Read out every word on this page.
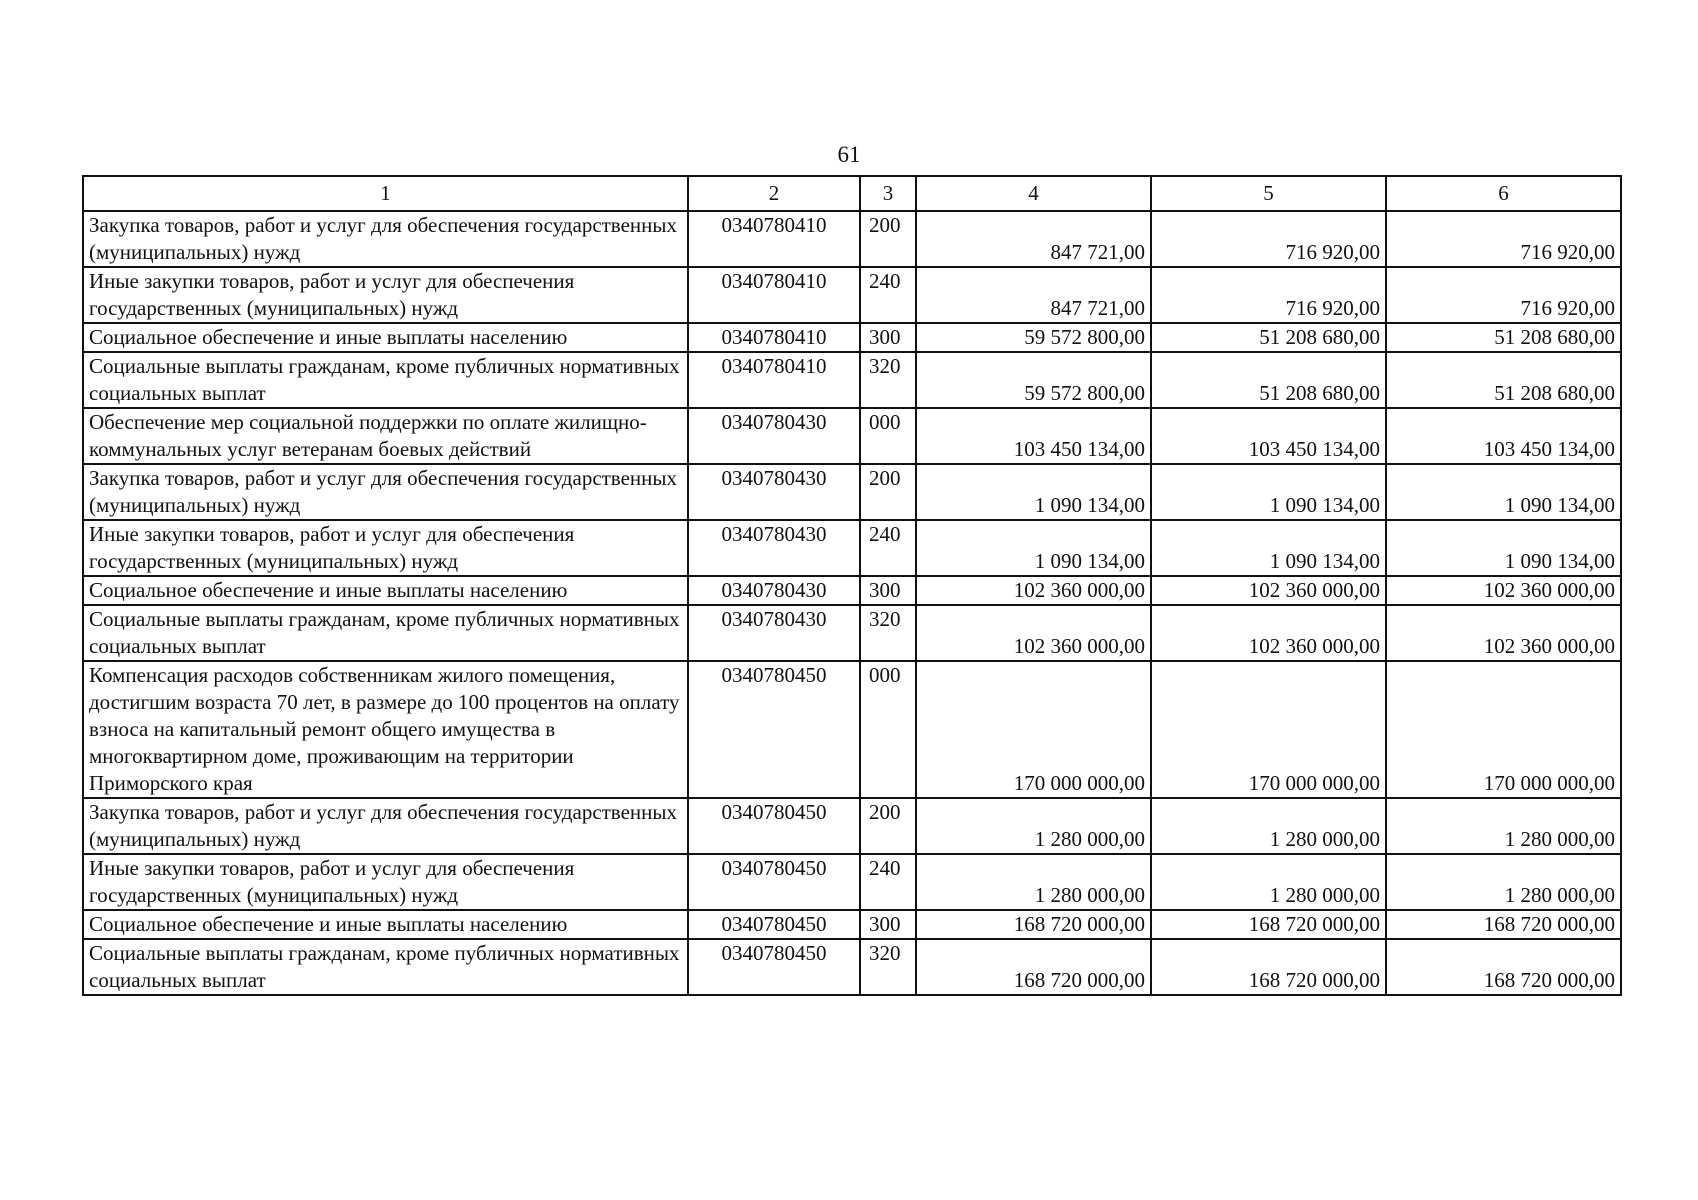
61
1	2	3	4	5	6
Закупка товаров, работ и услуг для обеспечения государственных (муниципальных) нужд	0340780410	200	847 721,00	716 920,00	716 920,00
Иные закупки товаров, работ и услуг для обеспечения государственных (муниципальных) нужд	0340780410	240	847 721,00	716 920,00	716 920,00
Социальное обеспечение и иные выплаты населению	0340780410	300	59 572 800,00	51 208 680,00	51 208 680,00
Социальные выплаты гражданам, кроме публичных нормативных социальных выплат	0340780410	320	59 572 800,00	51 208 680,00	51 208 680,00
Обеспечение мер социальной поддержки по оплате жилищно-коммунальных услуг ветеранам боевых действий	0340780430	000	103 450 134,00	103 450 134,00	103 450 134,00
Закупка товаров, работ и услуг для обеспечения государственных (муниципальных) нужд	0340780430	200	1 090 134,00	1 090 134,00	1 090 134,00
Иные закупки товаров, работ и услуг для обеспечения государственных (муниципальных) нужд	0340780430	240	1 090 134,00	1 090 134,00	1 090 134,00
Социальное обеспечение и иные выплаты населению	0340780430	300	102 360 000,00	102 360 000,00	102 360 000,00
Социальные выплаты гражданам, кроме публичных нормативных социальных выплат	0340780430	320	102 360 000,00	102 360 000,00	102 360 000,00
Компенсация расходов собственникам жилого помещения, достигшим возраста 70 лет, в размере до 100 процентов на оплату взноса на капитальный ремонт общего имущества в многоквартирном доме, проживающим на территории Приморского края	0340780450	000	170 000 000,00	170 000 000,00	170 000 000,00
Закупка товаров, работ и услуг для обеспечения государственных (муниципальных) нужд	0340780450	200	1 280 000,00	1 280 000,00	1 280 000,00
Иные закупки товаров, работ и услуг для обеспечения государственных (муниципальных) нужд	0340780450	240	1 280 000,00	1 280 000,00	1 280 000,00
Социальное обеспечение и иные выплаты населению	0340780450	300	168 720 000,00	168 720 000,00	168 720 000,00
Социальные выплаты гражданам, кроме публичных нормативных социальных выплат	0340780450	320	168 720 000,00	168 720 000,00	168 720 000,00
